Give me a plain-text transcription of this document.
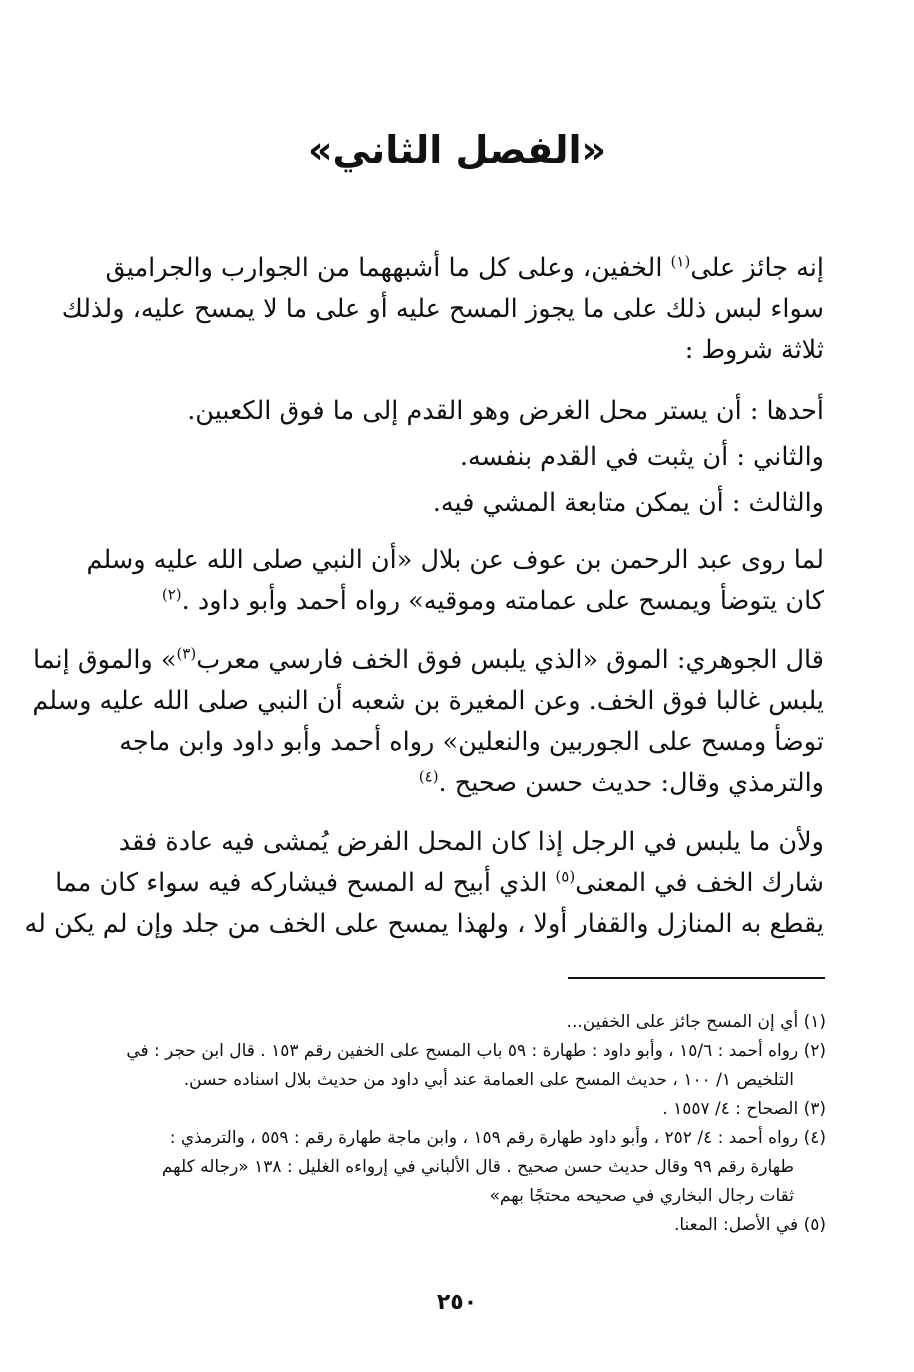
«الفصل الثاني»
إنه جائز على$^{(١)}$ الخفين، وعلى كل ما أشبههما من الجوارب والجراميق
سواء لبس ذلك على ما يجوز المسح عليه أو على ما لا يمسح عليه، ولذلك
ثلاثة شروط :
أحدها : أن يستر محل الغرض وهو القدم إلى ما فوق الكعبين.
والثاني : أن يثبت في القدم بنفسه.
والثالث : أن يمكن متابعة المشي فيه.
لما روى عبد الرحمن بن عوف عن بلال «أن النبي صلى الله عليه وسلم
كان يتوضأ ويمسح على عمامته وموقيه» رواه أحمد وأبو داود .$^{(٢)}$
قال الجوهري: الموق «الذي يلبس فوق الخف فارسي معرب$^{(٣)}$» والموق إنما
يلبس غالبا فوق الخف. وعن المغيرة بن شعبه أن النبي صلى الله عليه وسلم
توضأ ومسح على الجوربين والنعلين» رواه أحمد وأبو داود وابن ماجه
والترمذي وقال: حديث حسن صحيح .$^{(٤)}$
ولأن ما يلبس في الرجل إذا كان المحل الفرض يُمشى فيه عادة فقد
شارك الخف في المعنى$^{(٥)}$ الذي أبيح له المسح فيشاركه فيه سواء كان مما
يقطع به المنازل والقفار أولا ، ولهذا يمسح على الخف من جلد وإن لم يكن له
(١) أي إن المسح جائز على الخفين...
(٢) رواه أحمد : ١٥/٦ ، وأبو داود : طهارة : ٥٩ باب المسح على الخفين رقم ١٥٣ . قال ابن حجر : في
التلخيص ١/ ١٠٠ ، حديث المسح على العمامة عند أبي داود من حديث بلال اسناده حسن.
(٣) الصحاح : ٤/ ١٥٥٧ .
(٤) رواه أحمد : ٤/ ٢٥٢ ، وأبو داود طهارة رقم ١٥٩ ، وابن ماجة طهارة رقم : ٥٥٩ ، والترمذي :
طهارة رقم ٩٩ وقال حديث حسن صحيح . قال الألباني في إرواءه الغليل : ١٣٨ «رجاله كلهم
ثقات رجال البخاري في صحيحه محتجًا بهم»
(٥) في الأصل: المعنا.
٢٥٠
